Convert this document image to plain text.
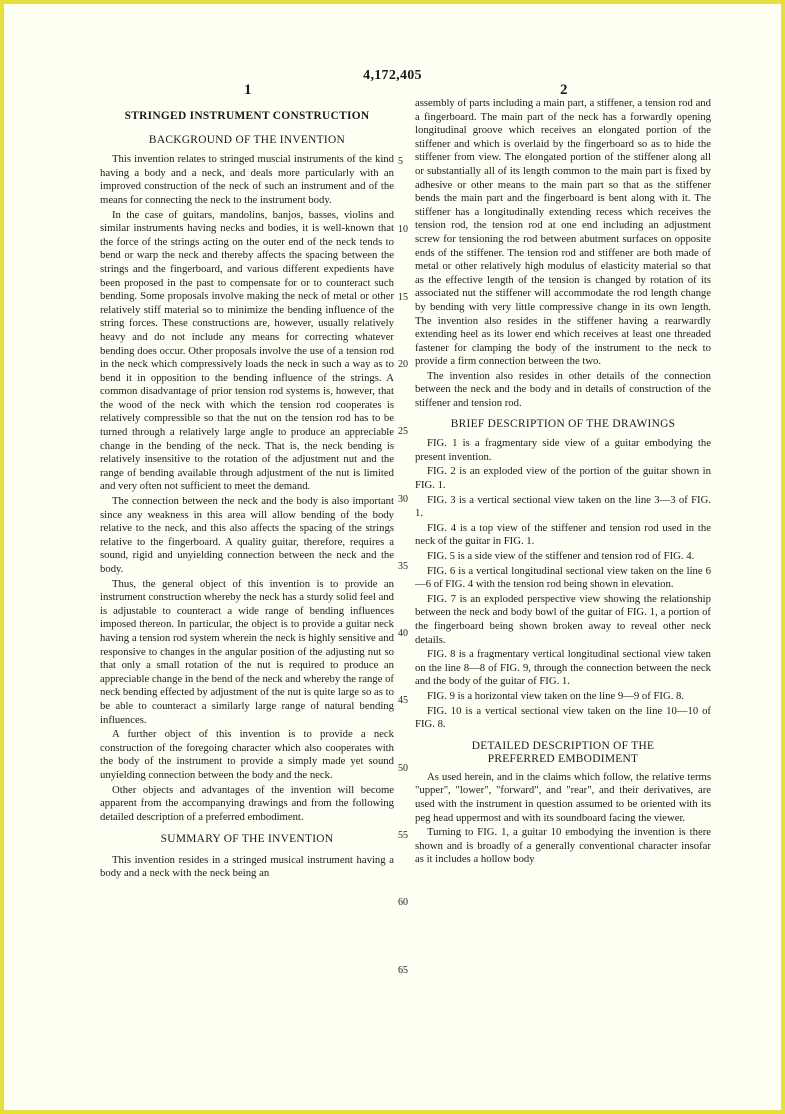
4,172,405
1	2
STRINGED INSTRUMENT CONSTRUCTION
BACKGROUND OF THE INVENTION

This invention relates to stringed muscial instruments of the kind having a body and a neck, and deals more particularly with an improved construction of the neck of such an instrument and of the means for connecting the neck to the instrument body.

In the case of guitars, mandolins, banjos, basses, violins and similar instruments having necks and bodies, it is well-known that the force of the strings acting on the outer end of the neck tends to bend or warp the neck and thereby affects the spacing between the strings and the fingerboard, and various different expedients have been proposed in the past to compensate for or to counteract such bending. Some proposals involve making the neck of metal or other relatively stiff material so to minimize the bending influence of the string forces. These constructions are, however, usually relatively heavy and do not include any means for correcting whatever bending does occur. Other proposals involve the use of a tension rod in the neck which compressively loads the neck in such a way as to bend it in opposition to the bending influence of the strings. A common disadvantage of prior tension rod systems is, however, that the wood of the neck with which the tension rod cooperates is relatively compressible so that the nut on the tension rod has to be turned through a relatively large angle to produce an appreciable change in the bending of the neck. That is, the neck bending is relatively insensitive to the rotation of the adjustment nut and the range of bending available through adjustment of the nut is limited and very often not sufficient to meet the demand.

The connection between the neck and the body is also important since any weakness in this area will allow bending of the body relative to the neck, and this also affects the spacing of the strings relative to the fingerboard. A quality guitar, therefore, requires a sound, rigid and unyielding connection between the neck and the body.

Thus, the general object of this invention is to provide an instrument construction whereby the neck has a sturdy solid feel and is adjustable to counteract a wide range of bending influences imposed thereon. In particular, the object is to provide a guitar neck having a tension rod system wherein the neck is highly sensitive and responsive to changes in the angular position of the adjusting nut so that only a small rotation of the nut is required to produce an appreciable change in the bend of the neck and whereby the range of neck bending effected by adjustment of the nut is quite large so as to be able to counteract a similarly large range of natural bending influences.

A further object of this invention is to provide a neck construction of the foregoing character which also cooperates with the body of the instrument to provide a simply made yet sound unyielding connection between the body and the neck.

Other objects and advantages of the invention will become apparent from the accompanying drawings and from the following detailed description of a preferred embodiment.

SUMMARY OF THE INVENTION

This invention resides in a stringed musical instrument having a body and a neck with the neck being an

assembly of parts including a main part, a stiffener, a tension rod and a fingerboard. The main part of the neck has a forwardly opening longitudinal groove which receives an elongated portion of the stiffener and which is overlaid by the fingerboard so as to hide the stiffener from view. The elongated portion of the stiffener along all or substantially all of its length common to the main part is fixed by adhesive or other means to the main part so that as the stiffener bends the main part and the fingerboard is bent along with it. The stiffener has a longitudinally extending recess which receives the tension rod, the tension rod at one end including an adjustment screw for tensioning the rod between abutment surfaces on opposite ends of the stiffener. The tension rod and stiffener are both made of metal or other relatively high modulus of elasticity material so that as the effective length of the tension is changed by rotation of its associated nut the stiffener will accommodate the rod length change by bending with very little compressive change in its own length. The invention also resides in the stiffener having a rearwardly extending heel as its lower end which receives at least one threaded fastener for clamping the body of the instrument to the neck to provide a firm connection between the two.

The invention also resides in other details of the connection between the neck and the body and in details of construction of the stiffener and tension rod.

BRIEF DESCRIPTION OF THE DRAWINGS

FIG. 1 is a fragmentary side view of a guitar embodying the present invention.

FIG. 2 is an exploded view of the portion of the guitar shown in FIG. 1.

FIG. 3 is a vertical sectional view taken on the line 3—3 of FIG. 1.

FIG. 4 is a top view of the stiffener and tension rod used in the neck of the guitar in FIG. 1.

FIG. 5 is a side view of the stiffener and tension rod of FIG. 4.

FIG. 6 is a vertical longitudinal sectional view taken on the line 6—6 of FIG. 4 with the tension rod being shown in elevation.

FIG. 7 is an exploded perspective view showing the relationship between the neck and body bowl of the guitar of FIG. 1, a portion of the fingerboard being shown broken away to reveal other neck details.

FIG. 8 is a fragmentary vertical longitudinal sectional view taken on the line 8—8 of FIG. 9, through the connection between the neck and the body of the guitar of FIG. 1.

FIG. 9 is a horizontal view taken on the line 9—9 of FIG. 8.

FIG. 10 is a vertical sectional view taken on the line 10—10 of FIG. 8.

DETAILED DESCRIPTION OF THE
PREFERRED EMBODIMENT

As used herein, and in the claims which follow, the relative terms "upper", "lower", "forward", and "rear", and their derivatives, are used with the instrument in question assumed to be oriented with its peg head uppermost and with its soundboard facing the viewer.

Turning to FIG. 1, a guitar 10 embodying the invention is there shown and is broadly of a generally conventional character insofar as it includes a hollow body

5
10
15
20
25
30
35
40
45
50
55
60
65
